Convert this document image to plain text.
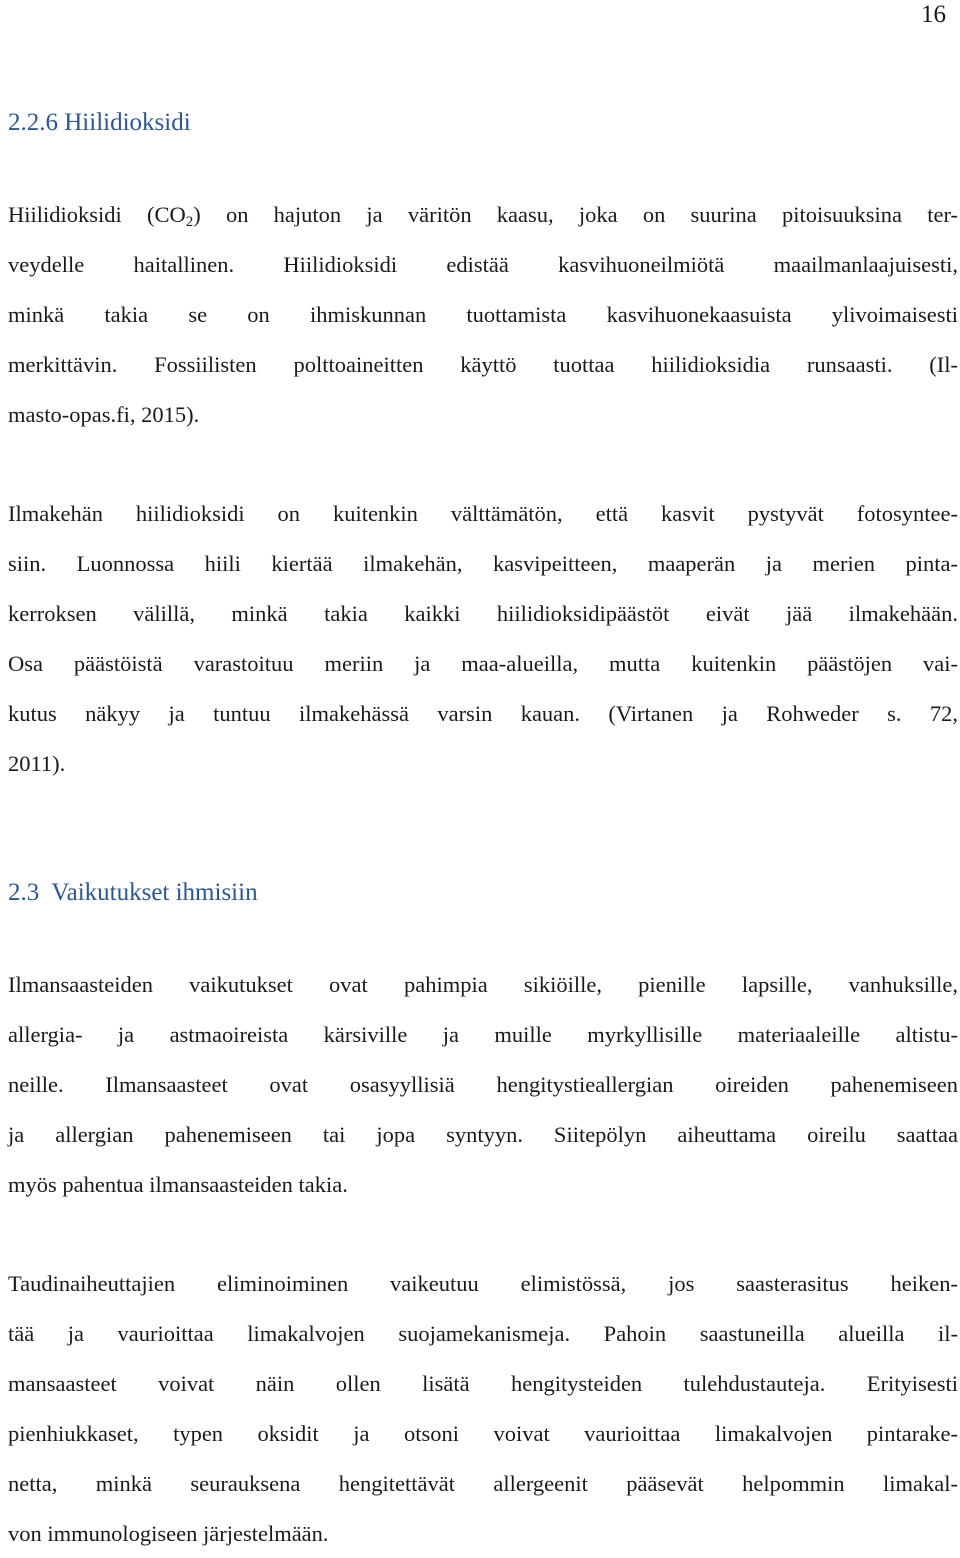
16
2.2.6 Hiilidioksidi
Hiilidioksidi $(CO_2)$ on hajuton ja väritön kaasu, joka on suurina pitoisuuksina ter-
veydelle haitallinen. Hiilidioksidi edistää kasvihuoneilmiötä maailmanlaajuisesti,
minkä takia se on ihmiskunnan tuottamista kasvihuonekaasuista ylivoimaisesti
merkittävin. Fossiilisten polttoaineitten käyttö tuottaa hiilidioksidia runsaasti. (Il-
masto-opas.fi, 2015).
Ilmakehän hiilidioksidi on kuitenkin välttämätön, että kasvit pystyvät fotosyntee-
siin. Luonnossa hiili kiertää ilmakehän, kasvipeitteen, maaperän ja merien pinta-
kerroksen välillä, minkä takia kaikki hiilidioksidipäästöt eivät jää ilmakehään.
Osa päästöistä varastoituu meriin ja maa-alueilla, mutta kuitenkin päästöjen vai-
kutus näkyy ja tuntuu ilmakehässä varsin kauan. (Virtanen ja Rohweder s. 72,
2011).
2.3 Vaikutukset ihmisiin
Ilmansaasteiden vaikutukset ovat pahimpia sikiöille, pienille lapsille, vanhuksille,
allergia- ja astmaoireista kärsiville ja muille myrkyllisille materiaaleille altistu-
neille. Ilmansaasteet ovat osasyyllisiä hengitystieallergian oireiden pahenemiseen
ja allergian pahenemiseen tai jopa syntyyn. Siitepölyn aiheuttama oireilu saattaa
myös pahentua ilmansaasteiden takia.
Taudinaiheuttajien eliminoiminen vaikeutuu elimistössä, jos saasterasitus heiken-
tää ja vaurioittaa limakalvojen suojamekanismeja. Pahoin saastuneilla alueilla il-
mansaasteet voivat näin ollen lisätä hengitysteiden tulehdustauteja. Erityisesti
pienhiukkaset, typen oksidit ja otsoni voivat vaurioittaa limakalvojen pintarake-
netta, minkä seurauksena hengitettävät allergeenit pääsevät helpommin limakal-
von immunologiseen järjestelmään.
